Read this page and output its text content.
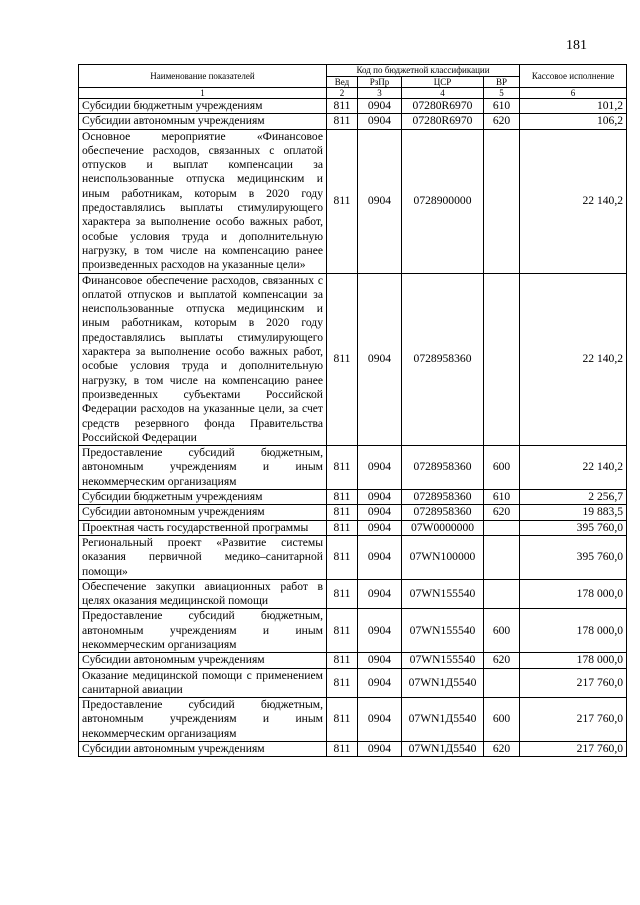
181
Наименование показателей	Код по бюджетной классификации				Кассовое исполнение
	Вед	РзПр	ЦСР	ВР	
1	2	3	4	5	6
Субсидии бюджетным учреждениям	811	0904	07280R6970	610	101,2
Субсидии автономным учреждениям	811	0904	07280R6970	620	106,2
Основное мероприятие «Финансовое обеспечение расходов, связанных с оплатой отпусков и выплат компенсации за неиспользованные отпуска медицинским и иным работникам, которым в 2020 году предоставлялись выплаты стимулирующего характера за выполнение особо важных работ, особые условия труда и дополнительную нагрузку, в том числе на компенсацию ранее произведенных расходов на указанные цели»	811	0904	0728900000		22 140,2
Финансовое обеспечение расходов, связанных с оплатой отпусков и выплатой компенсации за неиспользованные отпуска медицинским и иным работникам, которым в 2020 году предоставлялись выплаты стимулирующего характера за выполнение особо важных работ, особые условия труда и дополнительную нагрузку, в том числе на компенсацию ранее произведенных субъектами Российской Федерации расходов на указанные цели, за счет средств резервного фонда Правительства Российской Федерации	811	0904	0728958360		22 140,2
Предоставление субсидий бюджетным, автономным учреждениям и иным некоммерческим организациям	811	0904	0728958360	600	22 140,2
Субсидии бюджетным учреждениям	811	0904	0728958360	610	2 256,7
Субсидии автономным учреждениям	811	0904	0728958360	620	19 883,5
Проектная часть государственной программы	811	0904	07W0000000		395 760,0
Региональный проект «Развитие системы оказания первичной медико–санитарной помощи»	811	0904	07WN100000		395 760,0
Обеспечение закупки авиационных работ в целях оказания медицинской помощи	811	0904	07WN155540		178 000,0
Предоставление субсидий бюджетным, автономным учреждениям и иным некоммерческим организациям	811	0904	07WN155540	600	178 000,0
Субсидии автономным учреждениям	811	0904	07WN155540	620	178 000,0
Оказание медицинской помощи с применением санитарной авиации	811	0904	07WN1Д5540		217 760,0
Предоставление субсидий бюджетным, автономным учреждениям и иным некоммерческим организациям	811	0904	07WN1Д5540	600	217 760,0
Субсидии автономным учреждениям	811	0904	07WN1Д5540	620	217 760,0
